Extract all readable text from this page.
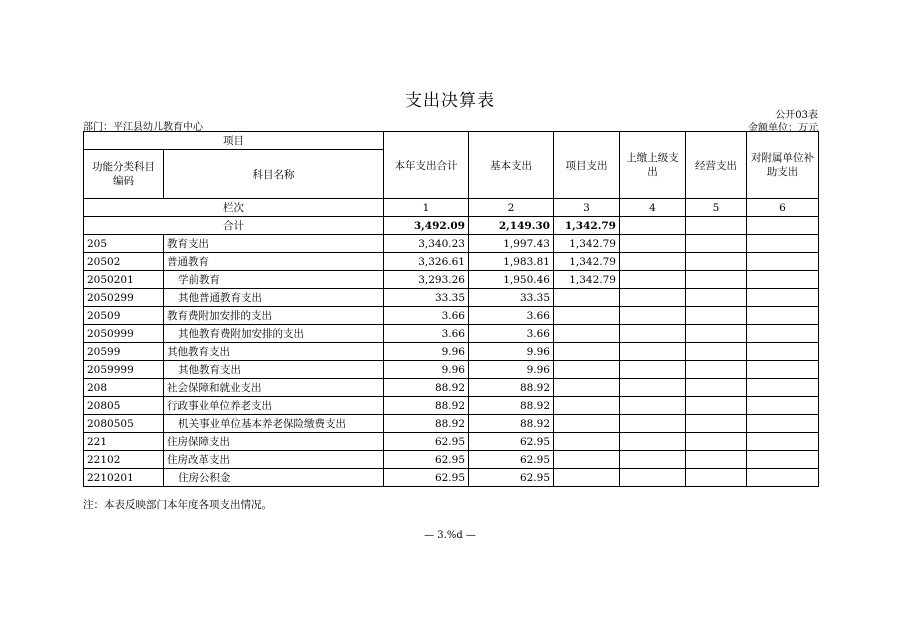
支出决算表
公开03表
部门：平江县幼儿教育中心	金额单位：万元
项目		本年支出合计	基本支出	项目支出	上缴上级支出	经营支出	对附属单位补助支出
功能分类科目编码	科目名称						
栏次		1	2	3	4	5	6
合计		3,492.09	2,149.30	1,342.79			
205	教育支出	3,340.23	1,997.43	1,342.79			
20502	普通教育	3,326.61	1,983.81	1,342.79			
2050201	学前教育	3,293.26	1,950.46	1,342.79			
2050299	其他普通教育支出	33.35	33.35				
20509	教育费附加安排的支出	3.66	3.66				
2050999	其他教育费附加安排的支出	3.66	3.66				
20599	其他教育支出	9.96	9.96				
2059999	其他教育支出	9.96	9.96				
208	社会保障和就业支出	88.92	88.92				
20805	行政事业单位养老支出	88.92	88.92				
2080505	机关事业单位基本养老保险缴费支出	88.92	88.92				
221	住房保障支出	62.95	62.95				
22102	住房改革支出	62.95	62.95				
2210201	住房公积金	62.95	62.95				
注：本表反映部门本年度各项支出情况。
— 3.%d —
